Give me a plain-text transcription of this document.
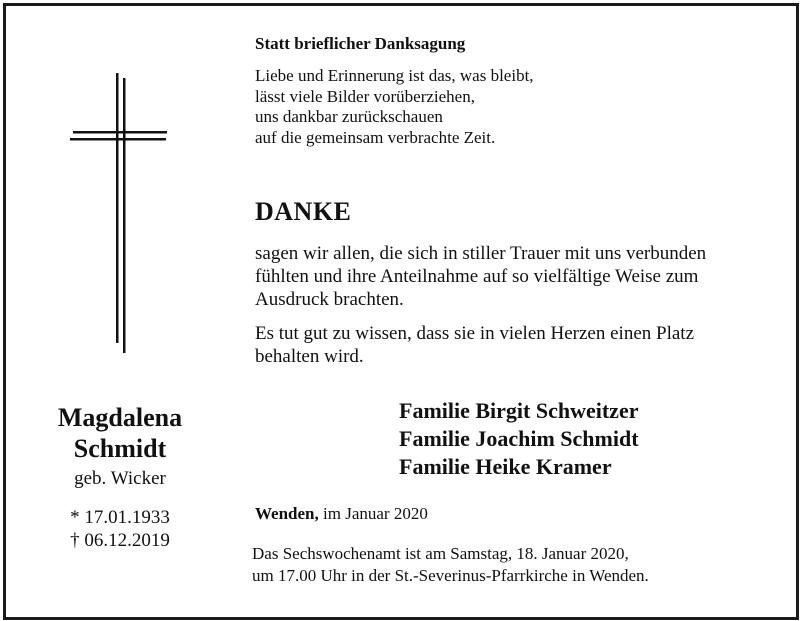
Magdalena
Schmidt
geb. Wicker
* 17.01.1933
† 06.12.2019
Statt brieflicher Danksagung
Liebe und Erinnerung ist das, was bleibt,
lässt viele Bilder vorüberziehen,
uns dankbar zurückschauen
auf die gemeinsam verbrachte Zeit.
DANKE
sagen wir allen, die sich in stiller Trauer mit uns verbunden
fühlten und ihre Anteilnahme auf so vielfältige Weise zum
Ausdruck brachten.
Es tut gut zu wissen, dass sie in vielen Herzen einen Platz
behalten wird.
Familie Birgit Schweitzer
Familie Joachim Schmidt
Familie Heike Kramer
Wenden, im Januar 2020
Das Sechswochenamt ist am Samstag, 18. Januar 2020,
um 17.00 Uhr in der St.-Severinus-Pfarrkirche in Wenden.
